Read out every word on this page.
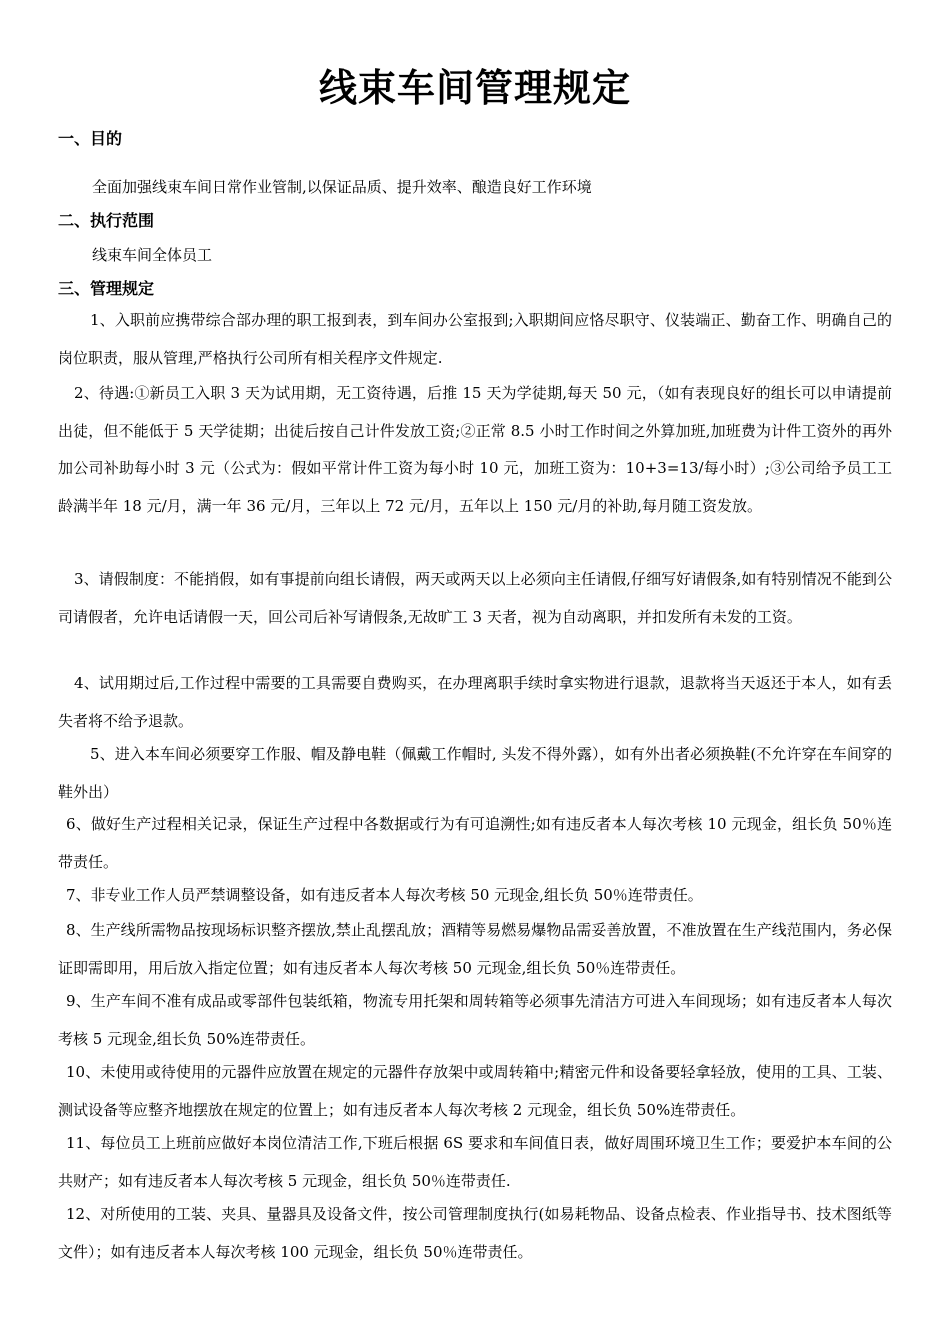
线束车间管理规定
一、目的

全面加强线束车间日常作业管制,以保证品质、提升效率、酿造良好工作环境

二、执行范围

线束车间全体员工

三、管理规定

1、入职前应携带综合部办理的职工报到表，到车间办公室报到;入职期间应恪尽职守、仪装端正、勤奋工作、明确自己的岗位职责，服从管理,严格执行公司所有相关程序文件规定.

2、待遇:①新员工入职 3 天为试用期，无工资待遇，后推 15 天为学徒期,每天 50 元，（如有表现良好的组长可以申请提前出徒，但不能低于 5 天学徒期；出徒后按自己计件发放工资;②正常 8.5 小时工作时间之外算加班,加班费为计件工资外的再外加公司补助每小时 3 元（公式为：假如平常计件工资为每小时 10 元，加班工资为：10+3=13/每小时）;③公司给予员工工龄满半年 18 元/月，满一年 36 元/月，三年以上 72 元/月，五年以上 150 元/月的补助,每月随工资发放。

3、请假制度：不能捎假，如有事提前向组长请假，两天或两天以上必须向主任请假,仔细写好请假条,如有特别情况不能到公司请假者，允许电话请假一天，回公司后补写请假条,无故旷工 3 天者，视为自动离职，并扣发所有未发的工资。

4、试用期过后,工作过程中需要的工具需要自费购买，在办理离职手续时拿实物进行退款，退款将当天返还于本人，如有丢失者将不给予退款。

5、进入本车间必须要穿工作服、帽及静电鞋（佩戴工作帽时, 头发不得外露），如有外出者必须换鞋(不允许穿在车间穿的鞋外出）

6、做好生产过程相关记录，保证生产过程中各数据或行为有可追溯性;如有违反者本人每次考核 10 元现金，组长负 50％连带责任。

7、非专业工作人员严禁调整设备，如有违反者本人每次考核 50 元现金,组长负 50％连带责任。

8、生产线所需物品按现场标识整齐摆放,禁止乱摆乱放；酒精等易燃易爆物品需妥善放置，不准放置在生产线范围内，务必保证即需即用，用后放入指定位置；如有违反者本人每次考核 50 元现金,组长负 50％连带责任。

9、生产车间不准有成品或零部件包装纸箱，物流专用托架和周转箱等必须事先清洁方可进入车间现场；如有违反者本人每次考核 5 元现金,组长负 50%连带责任。

10、未使用或待使用的元器件应放置在规定的元器件存放架中或周转箱中;精密元件和设备要轻拿轻放，使用的工具、工装、测试设备等应整齐地摆放在规定的位置上；如有违反者本人每次考核 2 元现金，组长负 50%连带责任。

11、每位员工上班前应做好本岗位清洁工作,下班后根据 6S 要求和车间值日表，做好周围环境卫生工作；要爱护本车间的公共财产；如有违反者本人每次考核 5 元现金，组长负 50％连带责任.

12、对所使用的工装、夹具、量器具及设备文件，按公司管理制度执行(如易耗物品、设备点检表、作业指导书、技术图纸等文件）；如有违反者本人每次考核 100 元现金，组长负 50％连带责任。
